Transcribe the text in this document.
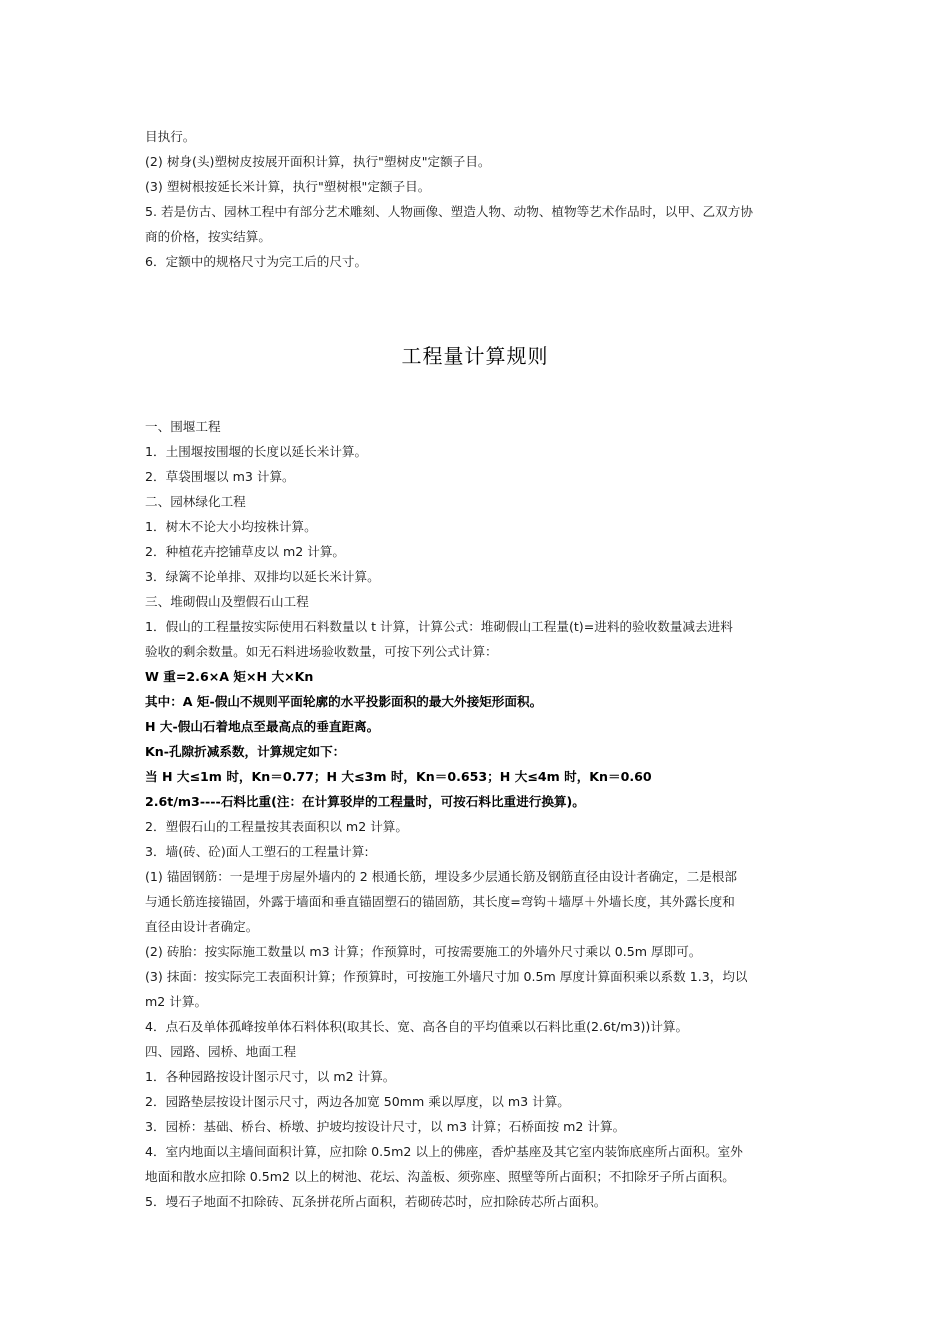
目执行。

(2) 树身(头)塑树皮按展开面积计算，执行"塑树皮"定额子目。

(3) 塑树根按延长米计算，执行"塑树根"定额子目。

5. 若是仿古、园林工程中有部分艺术雕刻、人物画像、塑造人物、动物、植物等艺术作品时，以甲、乙双方协

商的价格，按实结算。

6．定额中的规格尺寸为完工后的尺寸。

工程量计算规则

一、围堰工程

1．土围堰按围堰的长度以延长米计算。

2．草袋围堰以 m3 计算。

二、园林绿化工程

1．树木不论大小均按株计算。

2．种植花卉挖铺草皮以 m2 计算。

3．绿篱不论单排、双排均以延长米计算。

三、堆砌假山及塑假石山工程

1．假山的工程量按实际使用石料数量以 t 计算，计算公式：堆砌假山工程量(t)=进料的验收数量减去进料

验收的剩余数量。如无石料进场验收数量，可按下列公式计算：

W 重=2.6×A 矩×H 大×Kn

其中：A 矩-假山不规则平面轮廓的水平投影面积的最大外接矩形面积。

H 大-假山石着地点至最高点的垂直距离。

Kn-孔隙折减系数，计算规定如下：

当 H 大≤1m 时，Kn＝0.77；H 大≤3m 时，Kn＝0.653；H 大≤4m 时，Kn＝0.60

2.6t/m3----石料比重(注：在计算驳岸的工程量时，可按石料比重进行换算)。

2．塑假石山的工程量按其表面积以 m2 计算。

3．墙(砖、砼)面人工塑石的工程量计算:

(1) 锚固钢筋：一是埋于房屋外墙内的 2 根通长筋，埋设多少层通长筋及钢筋直径由设计者确定，二是根部

与通长筋连接锚固，外露于墙面和垂直锚固塑石的锚固筋，其长度=弯钩＋墙厚＋外墙长度，其外露长度和

直径由设计者确定。

(2) 砖胎：按实际施工数量以 m3 计算；作预算时，可按需要施工的外墙外尺寸乘以 0.5m 厚即可。

(3) 抹面：按实际完工表面积计算；作预算时，可按施工外墙尺寸加 0.5m 厚度计算面积乘以系数 1.3，均以

m2 计算。

4．点石及单体孤峰按单体石料体积(取其长、宽、高各自的平均值乘以石料比重(2.6t/m3))计算。

四、园路、园桥、地面工程

1．各种园路按设计图示尺寸，以 m2 计算。

2．园路垫层按设计图示尺寸，两边各加宽 50mm 乘以厚度，以 m3 计算。

3．园桥：基础、桥台、桥墩、护坡均按设计尺寸，以 m3 计算；石桥面按 m2 计算。

4．室内地面以主墙间面积计算，应扣除 0.5m2 以上的佛座，香炉基座及其它室内装饰底座所占面积。室外

地面和散水应扣除 0.5m2 以上的树池、花坛、沟盖板、须弥座、照壁等所占面积；不扣除牙子所占面积。

5．墁石子地面不扣除砖、瓦条拼花所占面积，若砌砖芯时，应扣除砖芯所占面积。
